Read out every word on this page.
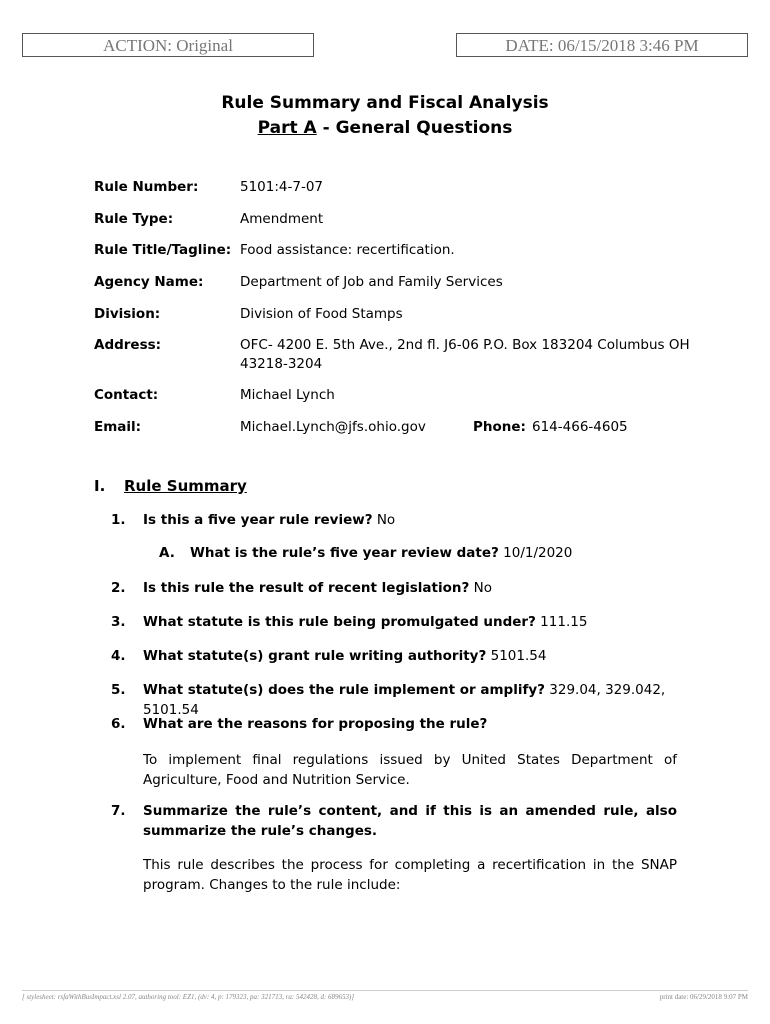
ACTION: Original	DATE: 06/15/2018 3:46 PM
Rule Summary and Fiscal Analysis
Part A - General Questions
Rule Number:	5101:4-7-07
Rule Type:	Amendment
Rule Title/Tagline: Food assistance: recertification.
Agency Name:	Department of Job and Family Services
Division:	Division of Food Stamps
Address:	OFC- 4200 E. 5th Ave., 2nd fl. J6-06 P.O. Box 183204 Columbus OH
43218-3204
Contact:	Michael Lynch
Email:	Michael.Lynch@jfs.ohio.gov	Phone: 614-466-4605
I. Rule Summary
1. Is this a five year rule review? No
A. What is the rule’s five year review date? 10/1/2020
2. Is this rule the result of recent legislation? No
3. What statute is this rule being promulgated under? 111.15
4. What statute(s) grant rule writing authority? 5101.54
5. What statute(s) does the rule implement or amplify? 329.04, 329.042, 5101.54
6. What are the reasons for proposing the rule?
To implement final regulations issued by United States Department of Agriculture, Food and Nutrition Service.
7. Summarize the rule’s content, and if this is an amended rule, also summarize the rule’s changes.
This rule describes the process for completing a recertification in the SNAP program. Changes to the rule include:
[ stylesheet: rsfaWithBusImpact.xsl 2.07, authoring tool: EZ1, (dv: 4, p: 179323, pa: 321713, ra: 542428, d: 689653)]	print date: 06/29/2018 9:07 PM
